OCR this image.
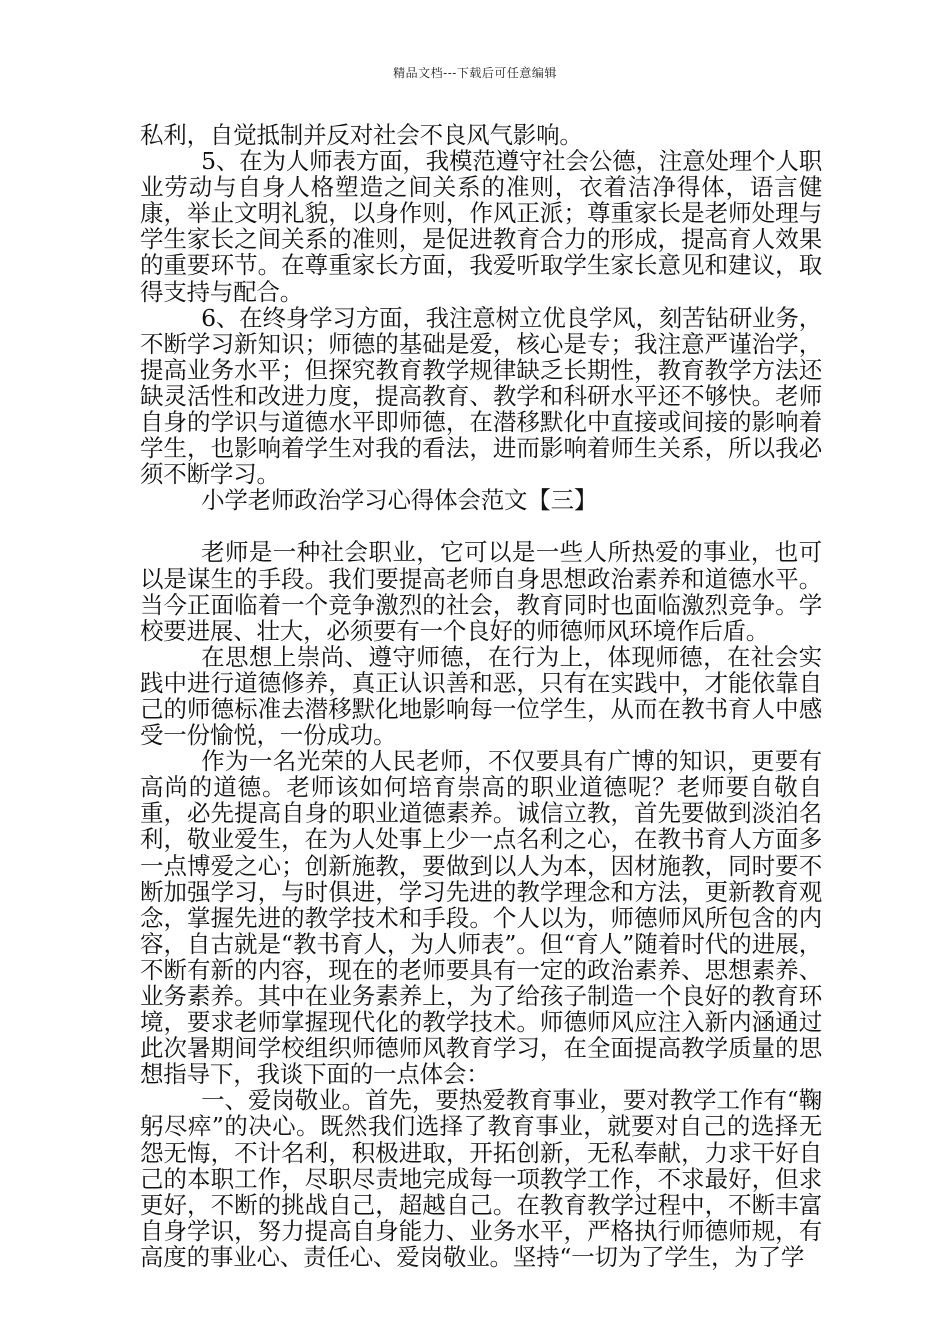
精品文档---下载后可任意编辑

私利，自觉抵制并反对社会不良风气影响。

5、在为人师表方面，我模范遵守社会公德，注意处理个人职业劳动与自身人格塑造之间关系的准则，衣着洁净得体，语言健康，举止文明礼貌，以身作则，作风正派；尊重家长是老师处理与学生家长之间关系的准则，是促进教育合力的形成，提高育人效果的重要环节。在尊重家长方面，我爱听取学生家长意见和建议，取得支持与配合。

6、在终身学习方面，我注意树立优良学风，刻苦钻研业务，不断学习新知识；师德的基础是爱，核心是专；我注意严谨治学，提高业务水平；但探究教育教学规律缺乏长期性，教育教学方法还缺灵活性和改进力度，提高教育、教学和科研水平还不够快。老师自身的学识与道德水平即师德，在潜移默化中直接或间接的影响着学生，也影响着学生对我的看法，进而影响着师生关系，所以我必须不断学习。

小学老师政治学习心得体会范文【三】

老师是一种社会职业，它可以是一些人所热爱的事业，也可以是谋生的手段。我们要提高老师自身思想政治素养和道德水平。当今正面临着一个竞争激烈的社会，教育同时也面临激烈竞争。学校要进展、壮大，必须要有一个良好的师德师风环境作后盾。

在思想上崇尚、遵守师德，在行为上，体现师德，在社会实践中进行道德修养，真正认识善和恶，只有在实践中，才能依靠自己的师德标准去潜移默化地影响每一位学生，从而在教书育人中感受一份愉悦，一份成功。

作为一名光荣的人民老师，不仅要具有广博的知识，更要有高尚的道德。老师该如何培育崇高的职业道德呢？老师要自敬自重，必先提高自身的职业道德素养。诚信立教，首先要做到淡泊名利，敬业爱生，在为人处事上少一点名利之心，在教书育人方面多一点博爱之心；创新施教，要做到以人为本，因材施教，同时要不断加强学习，与时俱进，学习先进的教学理念和方法，更新教育观念，掌握先进的教学技术和手段。个人以为，师德师风所包含的内容，自古就是“教书育人，为人师表”。但“育人”随着时代的进展，不断有新的内容，现在的老师要具有一定的政治素养、思想素养、业务素养。其中在业务素养上，为了给孩子制造一个良好的教育环境，要求老师掌握现代化的教学技术。师德师风应注入新内涵通过此次暑期间学校组织师德师风教育学习，在全面提高教学质量的思想指导下，我谈下面的一点体会：

一、爱岗敬业。首先，要热爱教育事业，要对教学工作有“鞠躬尽瘁”的决心。既然我们选择了教育事业，就要对自己的选择无怨无悔，不计名利，积极进取，开拓创新，无私奉献，力求干好自己的本职工作，尽职尽责地完成每一项教学工作，不求最好，但求更好，不断的挑战自己，超越自己。在教育教学过程中，不断丰富自身学识，努力提高自身能力、业务水平，严格执行师德师规，有高度的事业心、责任心、爱岗敬业。坚持“一切为了学生，为了学
